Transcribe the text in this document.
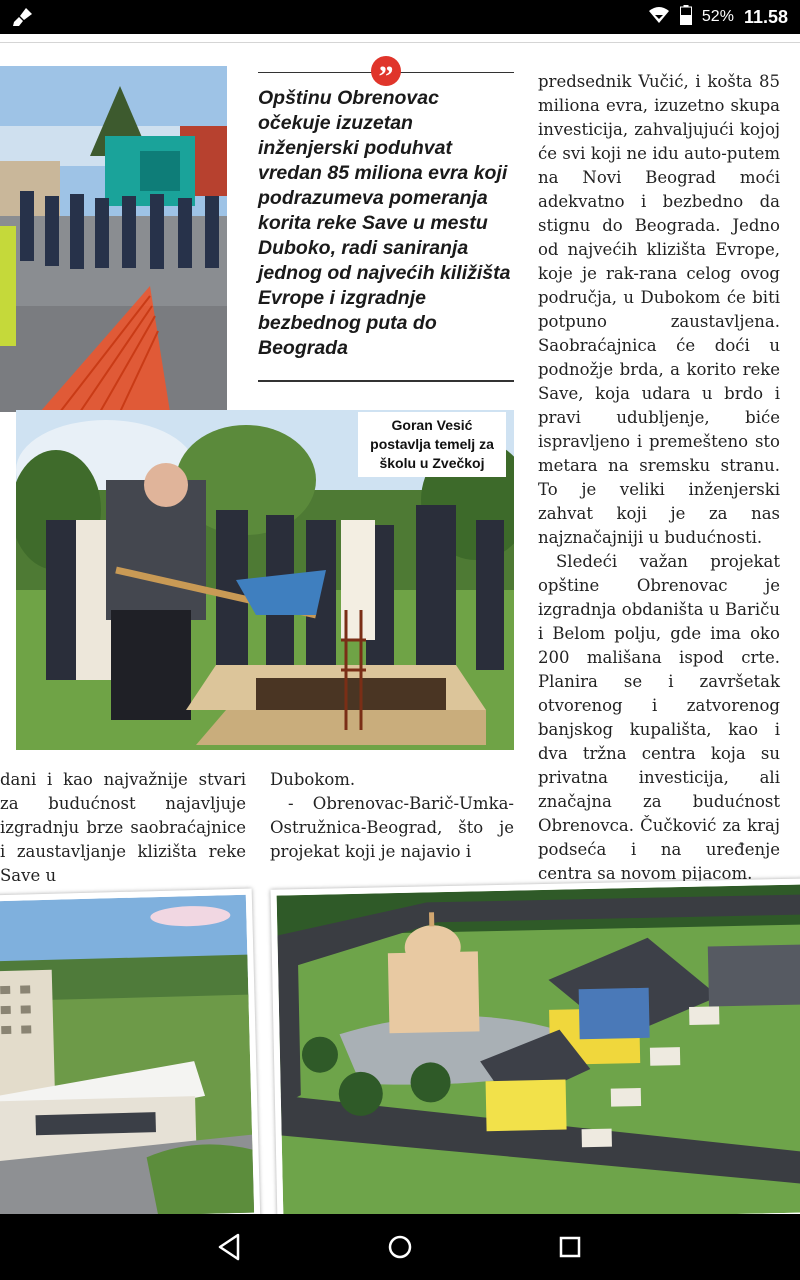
52% 11.58
”
Opštinu Obrenovac očekuje izuzetan inženjerski poduhvat vredan 85 miliona evra koji podrazumeva pomeranja korita reke Save u mestu Duboko, radi saniranja jednog od najvećih kiližišta Evrope i izgradnje bezbednog puta do Beograda

predsednik Vučić, i košta 85 miliona evra, izuzetno skupa investicija, zahvaljujući kojoj će svi koji ne idu auto-putem na Novi Beograd moći adekvatno i bezbedno da stignu do Beograda. Jedno od najvećih klizišta Evrope, koje je rak-rana celog ovog područja, u Dubokom će biti potpuno zaustavljena. Saobraćajnica će doći u podnožje brda, a korito reke Save, koja udara u brdo i pravi udubljenje, biće ispravljeno i premešteno sto metara na sremsku stranu. To je veliki inženjerski zahvat koji je za nas najznačajniji u budućnosti.

Sledeći važan projekat opštine Obrenovac je izgradnja obdaništa u Bariču i Belom polju, gde ima oko 200 mališana ispod crte. Planira se i završetak otvorenog i zatvorenog banjskog kupališta, kao i dva tržna centra koja su privatna investicija, ali značajna za budućnost Obrenovca. Čučković za kraj podseća i na uređenje centra sa novom pijacom.

Goran Vesić postavlja temelj za školu u Zvečkoj

dani i kao najvažnije stvari za budućnost najavljuje izgradnju brze saobraćajnice i zaustavljanje klizišta reke Save u

Dubokom.

- Obrenovac-Barič-Umka-Ostružnica-Beograd, što je projekat koji je najavio i
